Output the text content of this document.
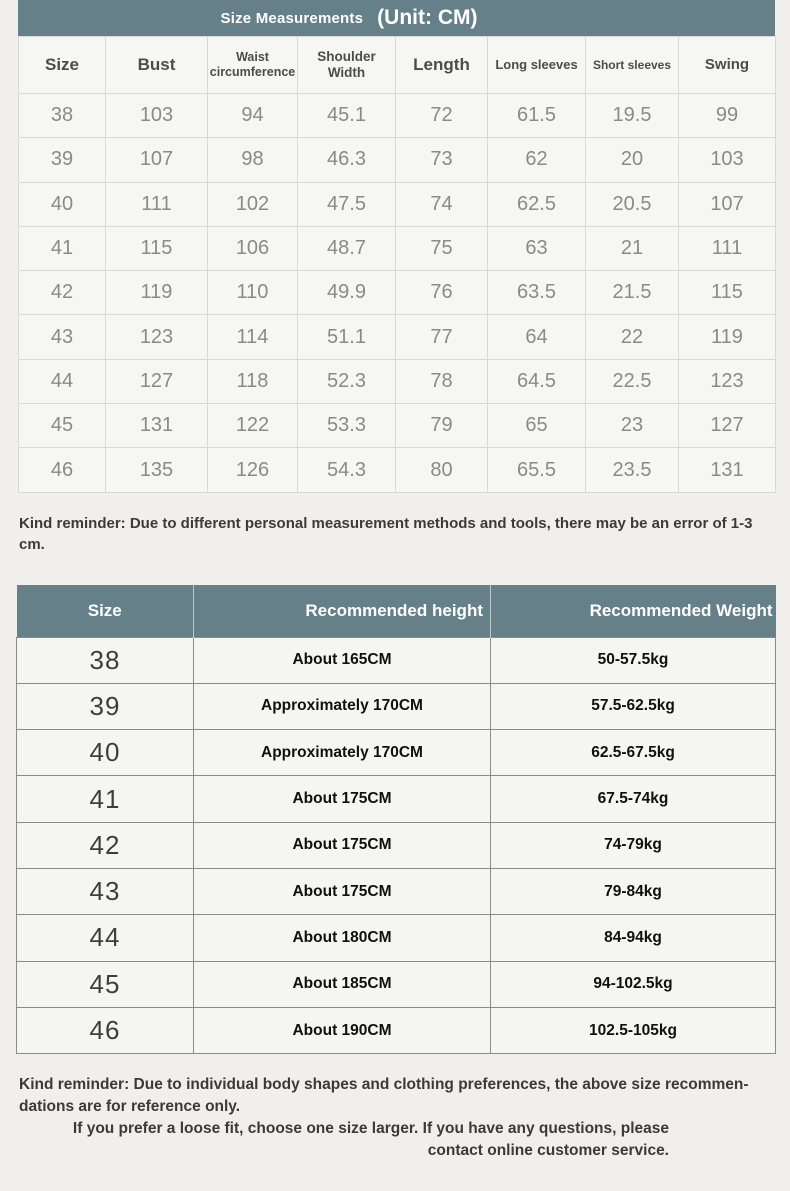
Size Measurements (Unit: CM)
Size	Bust	Waist circumference	Shoulder Width	Length	Long sleeves	Short sleeves	Swing
38	103	94	45.1	72	61.5	19.5	99
39	107	98	46.3	73	62	20	103
40	111	102	47.5	74	62.5	20.5	107
41	115	106	48.7	75	63	21	111
42	119	110	49.9	76	63.5	21.5	115
43	123	114	51.1	77	64	22	119
44	127	118	52.3	78	64.5	22.5	123
45	131	122	53.3	79	65	23	127
46	135	126	54.3	80	65.5	23.5	131

Kind reminder: Due to different personal measurement methods and tools, there may be an error of 1-3 cm.

Size	Recommended height	Recommended Weight
38	About 165CM	50-57.5kg
39	Approximately 170CM	57.5-62.5kg
40	Approximately 170CM	62.5-67.5kg
41	About 175CM	67.5-74kg
42	About 175CM	74-79kg
43	About 175CM	79-84kg
44	About 180CM	84-94kg
45	About 185CM	94-102.5kg
46	About 190CM	102.5-105kg
Kind reminder: Due to individual body shapes and clothing preferences, the above size recommen-
dations are for reference only.
If you prefer a loose fit, choose one size larger. If you have any questions, please
contact online customer service.
